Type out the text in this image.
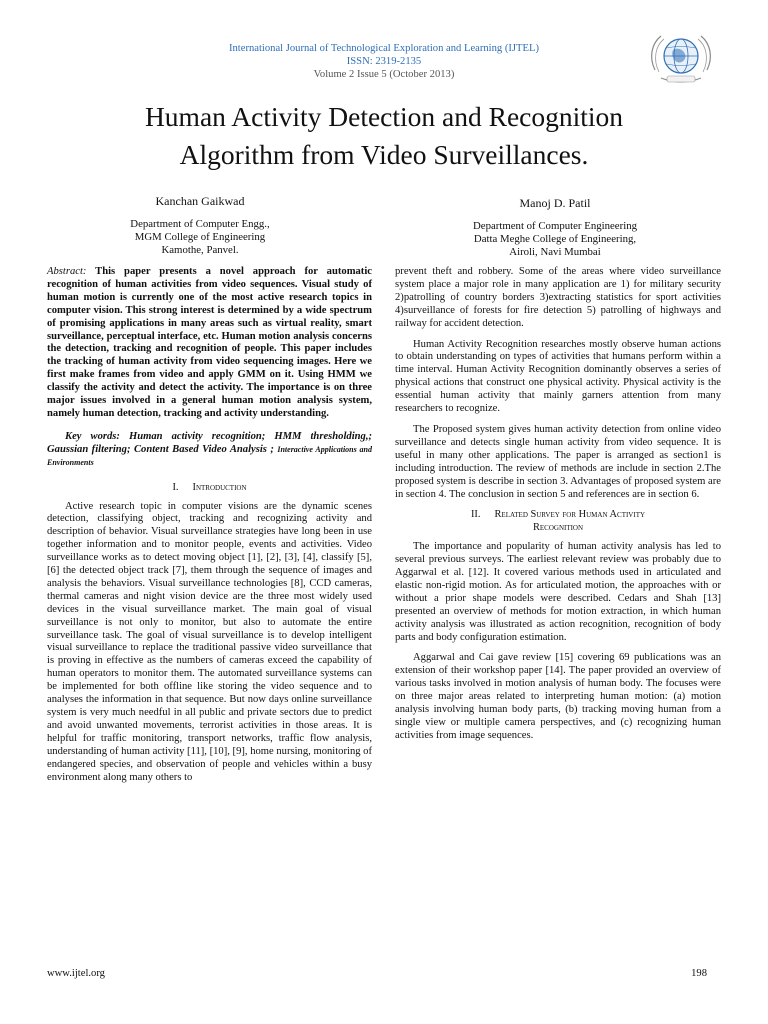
International Journal of Technological Exploration and Learning (IJTEL)
ISSN: 2319-2135
Volume 2 Issue 5 (October 2013)
Human Activity Detection and Recognition
Algorithm from Video Surveillances.
Kanchan Gaikwad
Department of Computer Engg.,
MGM College of Engineering
Kamothe, Panvel.
Manoj D. Patil
Department of Computer Engineering
Datta Meghe College of Engineering,
Airoli, Navi Mumbai

Abstract: This paper presents a novel approach for automatic recognition of human activities from video sequences. Visual study of human motion is currently one of the most active research topics in computer vision. This strong interest is determined by a wide spectrum of promising applications in many areas such as virtual reality, smart surveillance, perceptual interface, etc. Human motion analysis concerns the detection, tracking and recognition of people. This paper includes the tracking of human activity from video sequencing images. Here we first make frames from video and apply GMM on it. Using HMM we classify the activity and detect the activity. The importance is on three major issues involved in a general human motion analysis system, namely human detection, tracking and activity understanding.

Key words: Human activity recognition; HMM thresholding,; Gaussian filtering; Content Based Video Analysis ; Interactive Applications and Environments

I. Introduction

Active research topic in computer visions are the dynamic scenes detection, classifying object, tracking and recognizing activity and description of behavior. Visual surveillance strategies have long been in use together information and to monitor people, events and activities. Video surveillance works as to detect moving object [1], [2], [3], [4], classify [5], [6] the detected object track [7], them through the sequence of images and analysis the behaviors. Visual surveillance technologies [8], CCD cameras, thermal cameras and night vision device are the three most widely used devices in the visual surveillance market. The main goal of visual surveillance is not only to monitor, but also to automate the entire surveillance task. The goal of visual surveillance is to develop intelligent visual surveillance to replace the traditional passive video surveillance that is proving in effective as the numbers of cameras exceed the capability of human operators to monitor them. The automated surveillance systems can be implemented for both offline like storing the video sequence and to analyses the information in that sequence. But now days online surveillance system is very much needful in all public and private sectors due to predict and avoid unwanted movements, terrorist activities in those areas. It is helpful for traffic monitoring, transport networks, traffic flow analysis, understanding of human activity [11], [10], [9], home nursing, monitoring of endangered species, and observation of people and vehicles within a busy environment along many others to

prevent theft and robbery. Some of the areas where video surveillance system place a major role in many application are 1) for military security 2)patrolling of country borders 3)extracting statistics for sport activities 4)surveillance of forests for fire detection 5) patrolling of highways and railway for accident detection.

Human Activity Recognition researches mostly observe human actions to obtain understanding on types of activities that humans perform within a time interval. Human Activity Recognition dominantly observes a series of physical actions that construct one physical activity. Physical activity is the essential human activity that mainly garners attention from many researchers to recognize.

The Proposed system gives human activity detection from online video surveillance and detects single human activity from video sequence. It is useful in many other applications. The paper is arranged as section1 is including introduction. The review of methods are include in section 2.The proposed system is describe in section 3. Advantages of proposed system are in section 4. The conclusion in section 5 and references are in section 6.

II. Related Survey for Human Activity
Recognition

The importance and popularity of human activity analysis has led to several previous surveys. The earliest relevant review was probably due to Aggarwal et al. [12]. It covered various methods used in articulated and elastic non-rigid motion. As for articulated motion, the approaches with or without a prior shape models were described. Cedars and Shah [13] presented an overview of methods for motion extraction, in which human activity analysis was illustrated as action recognition, recognition of body parts and body configuration estimation.

Aggarwal and Cai gave review [15] covering 69 publications was an extension of their workshop paper [14]. The paper provided an overview of various tasks involved in motion analysis of human body. The focuses were on three major areas related to interpreting human motion: (a) motion analysis involving human body parts, (b) tracking moving human from a single view or multiple camera perspectives, and (c) recognizing human activities from image sequences.

www.ijtel.org	198
